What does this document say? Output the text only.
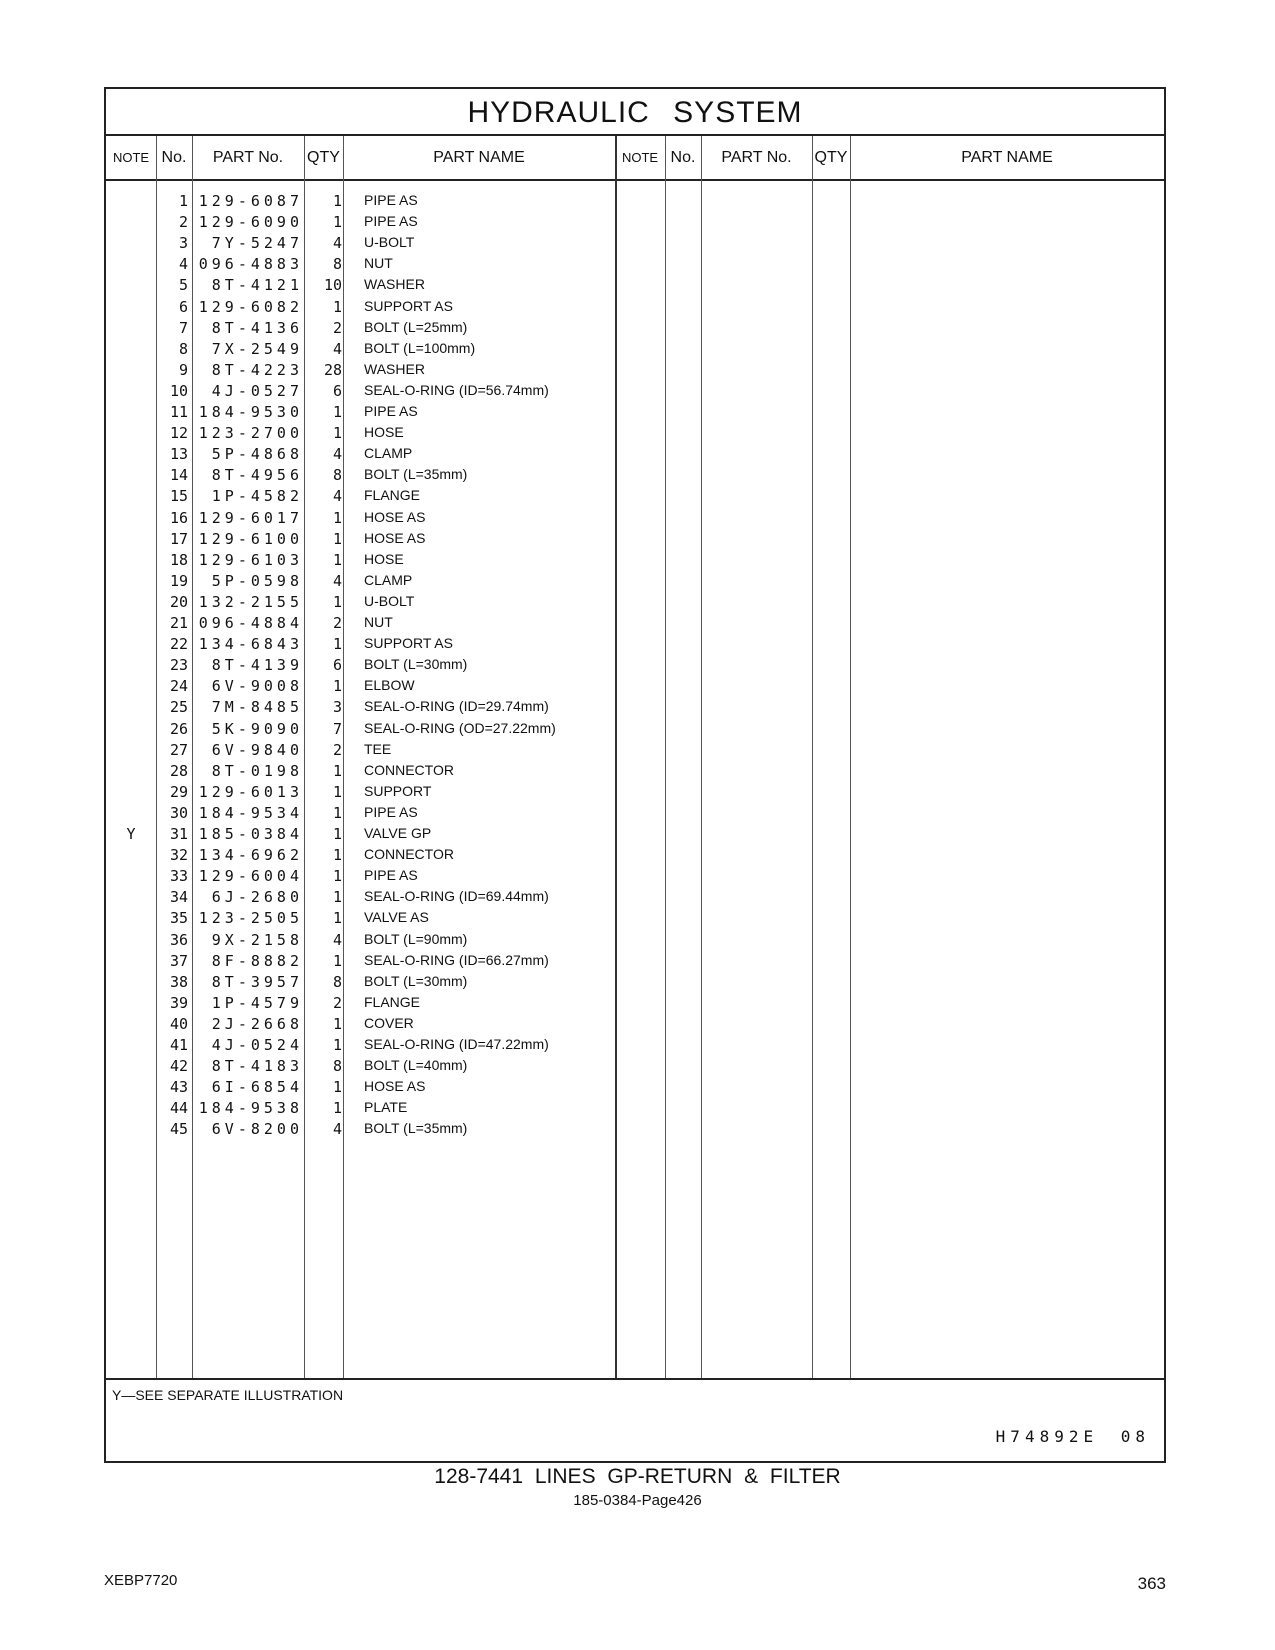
HYDRAULIC SYSTEM
NOTE No.	PART No.	QTY	PART NAME	NOTE No.	PART No.	QTY	PART NAME
1 129-6087	1 PIPE AS
2 129-6090	1 PIPE AS
3	7Y-5247	4 U-BOLT
4 096-4883	8 NUT
5	8T-4121	10 WASHER
6 129-6082	1 SUPPORT AS
7	8T-4136	2 BOLT (L=25mm)
8	7X-2549	4 BOLT (L=100mm)
9	8T-4223	28 WASHER
10	4J-0527	6 SEAL-O-RING (ID=56.74mm)
11 184-9530	1 PIPE AS
12 123-2700	1 HOSE
13	5P-4868	4 CLAMP
14	8T-4956	8 BOLT (L=35mm)
15	1P-4582	4 FLANGE
16 129-6017	1 HOSE AS
17 129-6100	1 HOSE AS
18 129-6103	1 HOSE
19	5P-0598	4 CLAMP
20 132-2155	1 U-BOLT
21 096-4884	2 NUT
22 134-6843	1 SUPPORT AS
23	8T-4139	6 BOLT (L=30mm)
24	6V-9008	1 ELBOW
25	7M-8485	3 SEAL-O-RING (ID=29.74mm)
26	5K-9090	7 SEAL-O-RING (OD=27.22mm)
27	6V-9840	2 TEE
28	8T-0198	1 CONNECTOR
29 129-6013	1 SUPPORT
30 184-9534	1 PIPE AS
Y	31 185-0384	1 VALVE GP
32 134-6962	1 CONNECTOR
33 129-6004	1 PIPE AS
34	6J-2680	1 SEAL-O-RING (ID=69.44mm)
35 123-2505	1 VALVE AS
36	9X-2158	4 BOLT (L=90mm)
37	8F-8882	1 SEAL-O-RING (ID=66.27mm)
38	8T-3957	8 BOLT (L=30mm)
39	1P-4579	2 FLANGE
40	2J-2668	1 COVER
41	4J-0524	1 SEAL-O-RING (ID=47.22mm)
42	8T-4183	8 BOLT (L=40mm)
43	6I-6854	1 HOSE AS
44 184-9538	1 PLATE
45	6V-8200	4 BOLT (L=35mm)
Y—SEE SEPARATE ILLUSTRATION
H74892E 08
128-7441 LINES GP-RETURN & FILTER
185-0384-Page426
XEBP7720	363
